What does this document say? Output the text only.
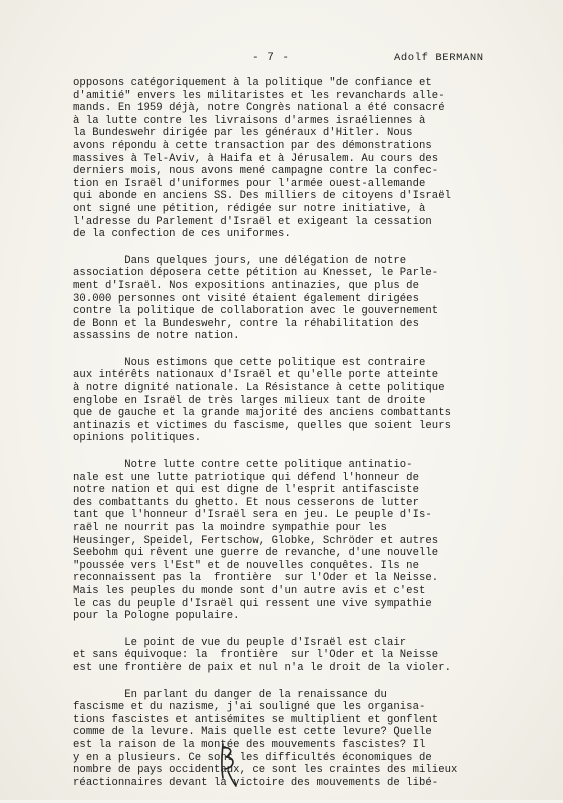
- 7 -	Adolf BERMANN
opposons catégoriquement à la politique "de confiance et
d'amitié" envers les militaristes et les revanchards alle-
mands. En 1959 déjà, notre Congrès national a été consacré
à la lutte contre les livraisons d'armes israéliennes à
la Bundeswehr dirigée par les généraux d'Hitler. Nous
avons répondu à cette transaction par des démonstrations
massives à Tel-Aviv, à Haifa et à Jérusalem. Au cours des
derniers mois, nous avons mené campagne contre la confec-
tion en Israël d'uniformes pour l'armée ouest-allemande
qui abonde en anciens SS. Des milliers de citoyens d'Israël
ont signé une pétition, rédigée sur notre initiative, à
l'adresse du Parlement d'Israël et exigeant la cessation
de la confection de ces uniformes.
Dans quelques jours, une délégation de notre
association déposera cette pétition au Knesset, le Parle-
ment d'Israël. Nos expositions antinazies, que plus de
30.000 personnes ont visité étaient également dirigées
contre la politique de collaboration avec le gouvernement
de Bonn et la Bundeswehr, contre la réhabilitation des
assassins de notre nation.
Nous estimons que cette politique est contraire
aux intérêts nationaux d'Israël et qu'elle porte atteinte
à notre dignité nationale. La Résistance à cette politique
englobe en Israël de très larges milieux tant de droite
que de gauche et la grande majorité des anciens combattants
antinazis et victimes du fascisme, quelles que soient leurs
opinions politiques.
Notre lutte contre cette politique antinatio-
nale est une lutte patriotique qui défend l'honneur de
notre nation et qui est digne de l'esprit antifasciste
des combattants du ghetto. Et nous cesserons de lutter
tant que l'honneur d'Israël sera en jeu. Le peuple d'Is-
raël ne nourrit pas la moindre sympathie pour les
Heusinger, Speidel, Fertschow, Globke, Schröder et autres
Seebohm qui rêvent une guerre de revanche, d'une nouvelle
"poussée vers l'Est" et de nouvelles conquêtes. Ils ne
reconnaissent pas la  frontière  sur l'Oder et la Neisse.
Mais les peuples du monde sont d'un autre avis et c'est
le cas du peuple d'Israël qui ressent une vive sympathie
pour la Pologne populaire.
Le point de vue du peuple d'Israël est clair
et sans équivoque: la  frontière  sur l'Oder et la Neisse
est une frontière de paix et nul n'a le droit de la violer.
En parlant du danger de la renaissance du
fascisme et du nazisme, j'ai souligné que les organisa-
tions fascistes et antisémites se multiplient et gonflent
comme de la levure. Mais quelle est cette levure? Quelle
est la raison de la montée des mouvements fascistes? Il
y en a plusieurs. Ce sont les difficultés économiques de
nombre de pays occidentaux, ce sont les craintes des milieux
réactionnaires devant la victoire des mouvements de libé-
